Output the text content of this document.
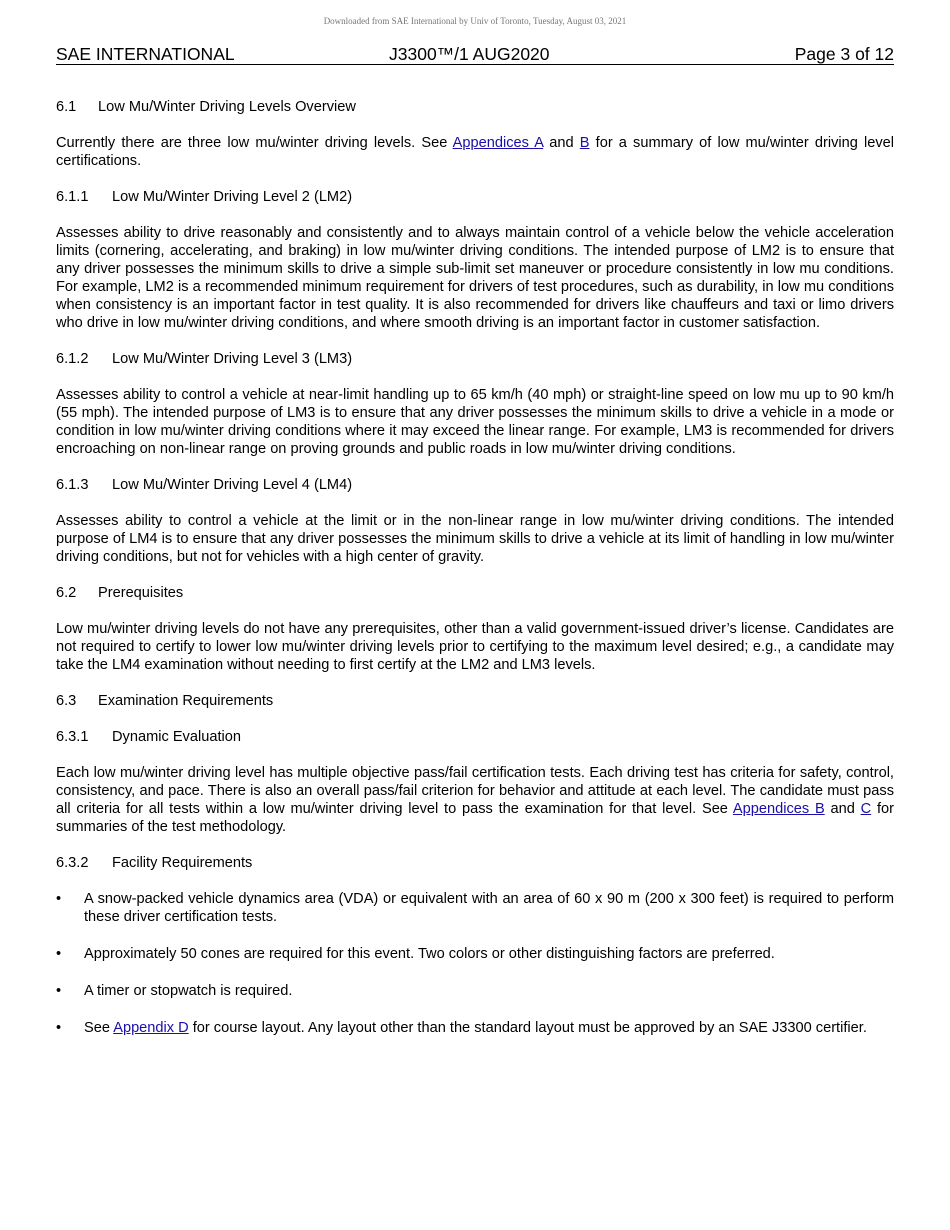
Downloaded from SAE International by Univ of Toronto, Tuesday, August 03, 2021
SAE INTERNATIONAL	J3300™/1 AUG2020	Page 3 of 12
6.1 Low Mu/Winter Driving Levels Overview

Currently there are three low mu/winter driving levels. See Appendices A and B for a summary of low mu/winter driving level certifications.

6.1.1 Low Mu/Winter Driving Level 2 (LM2)

Assesses ability to drive reasonably and consistently and to always maintain control of a vehicle below the vehicle acceleration limits (cornering, accelerating, and braking) in low mu/winter driving conditions. The intended purpose of LM2 is to ensure that any driver possesses the minimum skills to drive a simple sub-limit set maneuver or procedure consistently in low mu conditions. For example, LM2 is a recommended minimum requirement for drivers of test procedures, such as durability, in low mu conditions when consistency is an important factor in test quality. It is also recommended for drivers like chauffeurs and taxi or limo drivers who drive in low mu/winter driving conditions, and where smooth driving is an important factor in customer satisfaction.

6.1.2 Low Mu/Winter Driving Level 3 (LM3)

Assesses ability to control a vehicle at near-limit handling up to 65 km/h (40 mph) or straight-line speed on low mu up to 90 km/h (55 mph). The intended purpose of LM3 is to ensure that any driver possesses the minimum skills to drive a vehicle in a mode or condition in low mu/winter driving conditions where it may exceed the linear range. For example, LM3 is recommended for drivers encroaching on non-linear range on proving grounds and public roads in low mu/winter driving conditions.

6.1.3 Low Mu/Winter Driving Level 4 (LM4)

Assesses ability to control a vehicle at the limit or in the non-linear range in low mu/winter driving conditions. The intended purpose of LM4 is to ensure that any driver possesses the minimum skills to drive a vehicle at its limit of handling in low mu/winter driving conditions, but not for vehicles with a high center of gravity.

6.2 Prerequisites

Low mu/winter driving levels do not have any prerequisites, other than a valid government-issued driver’s license. Candidates are not required to certify to lower low mu/winter driving levels prior to certifying to the maximum level desired; e.g., a candidate may take the LM4 examination without needing to first certify at the LM2 and LM3 levels.

6.3 Examination Requirements
6.3.1 Dynamic Evaluation

Each low mu/winter driving level has multiple objective pass/fail certification tests. Each driving test has criteria for safety, control, consistency, and pace. There is also an overall pass/fail criterion for behavior and attitude at each level. The candidate must pass all criteria for all tests within a low mu/winter driving level to pass the examination for that level. See Appendices B and C for summaries of the test methodology.

6.3.2 Facility Requirements
• A snow-packed vehicle dynamics area (VDA) or equivalent with an area of 60 x 90 m (200 x 300 feet) is required to perform these driver certification tests.
• Approximately 50 cones are required for this event. Two colors or other distinguishing factors are preferred.
• A timer or stopwatch is required.
• See Appendix D for course layout. Any layout other than the standard layout must be approved by an SAE J3300 certifier.
